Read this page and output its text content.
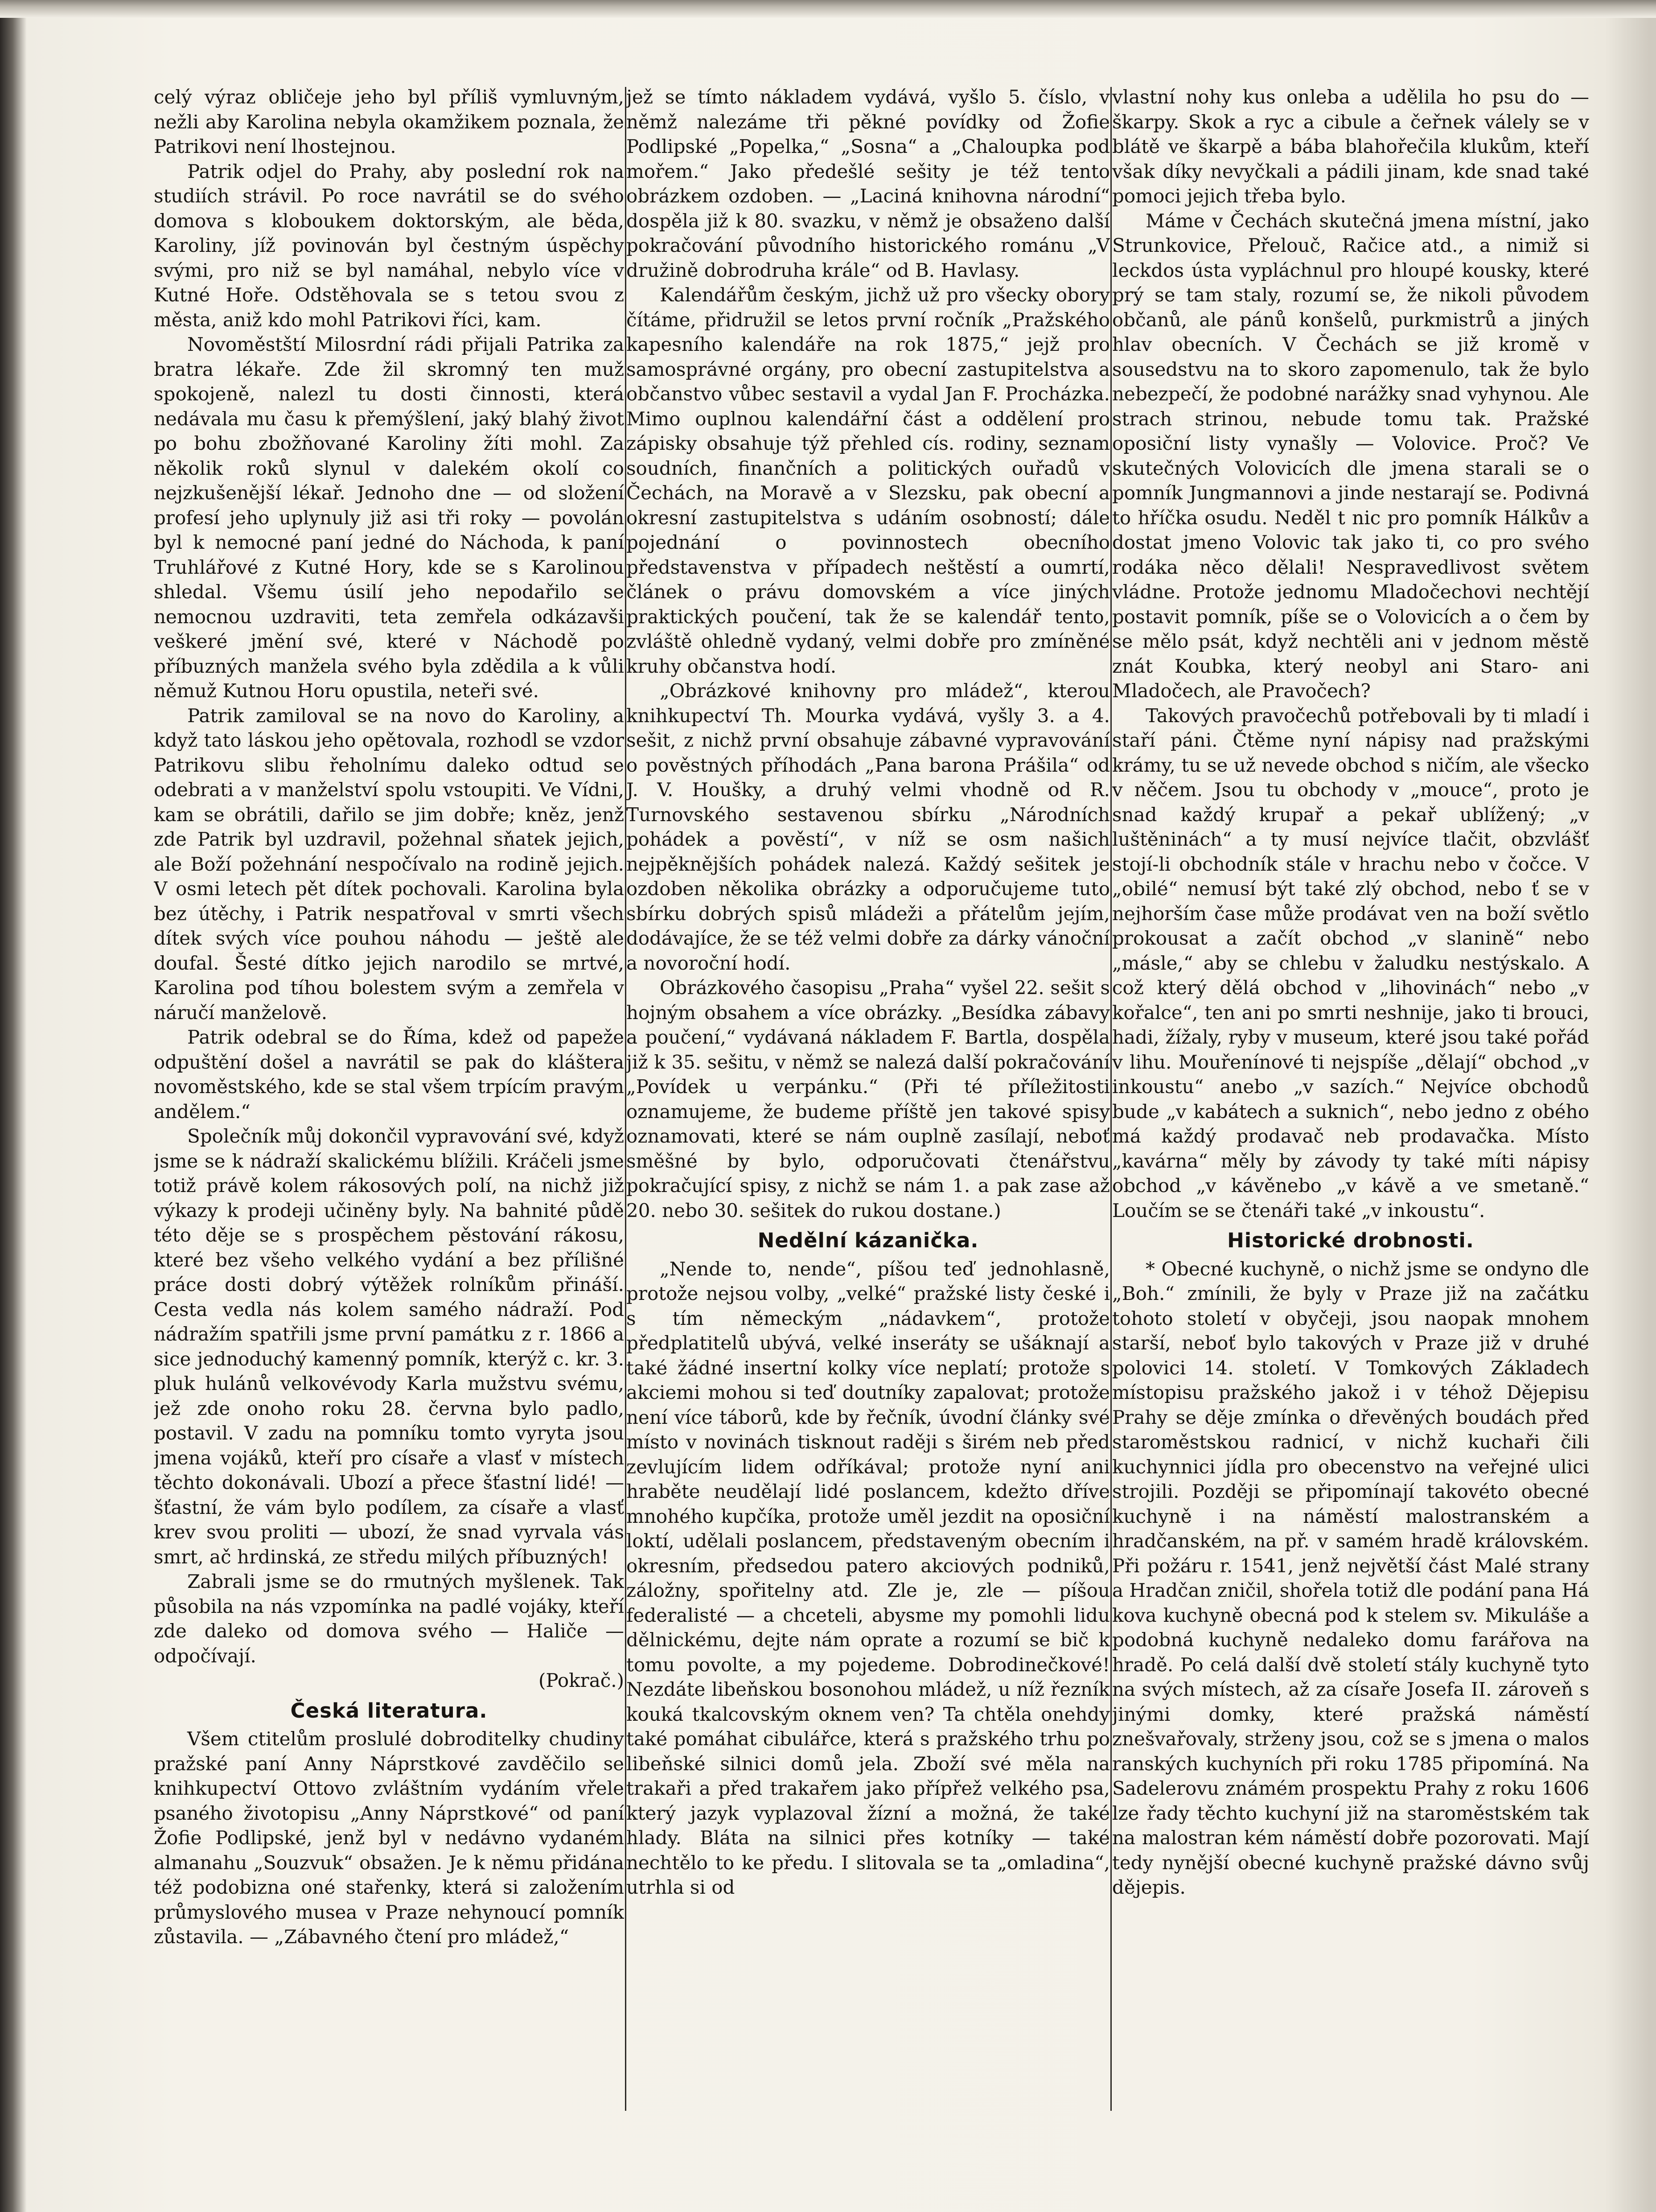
celý výraz obličeje jeho byl příliš vymluvným, nežli aby Karolina nebyla okamžikem poznala, že Patrikovi není lhostejnou.

Patrik odjel do Prahy, aby poslední rok na studiích strávil. Po roce navrátil se do svého domova s kloboukem doktorským, ale běda, Karoliny, jíž povinován byl čestným úspěchy svými, pro niž se byl namáhal, nebylo více v Kutné Hoře. Odstěhovala se s tetou svou z města, aniž kdo mohl Patrikovi říci, kam.

Novoměstští Milosrdní rádi přijali Patrika za bratra lékaře. Zde žil skromný ten muž spokojeně, nalezl tu dosti činnosti, která nedávala mu času k přemýšlení, jaký blahý život po bohu zbožňované Karoliny žíti mohl. Za několik roků slynul v dalekém okolí co nejzkušenější lékař. Jednoho dne — od složení profesí jeho uplynuly již asi tři roky — povolán byl k nemocné paní jedné do Náchoda, k paní Truhlářové z Kutné Hory, kde se s Karolinou shledal. Všemu úsilí jeho nepodařilo se nemocnou uzdraviti, teta zemřela odkázavši veškeré jmění své, které v Náchodě po příbuzných manžela svého byla zdědila a k vůli němuž Kutnou Horu opustila, neteři své.

Patrik zamiloval se na novo do Karoliny, a když tato láskou jeho opětovala, rozhodl se vzdor Patrikovu slibu řeholnímu daleko odtud se odebrati a v manželství spolu vstoupiti. Ve Vídni, kam se obrátili, dařilo se jim dobře; kněz, jenž zde Patrik byl uzdravil, požehnal sňatek jejich, ale Boží požehnání nespočívalo na rodině jejich. V osmi letech pět dítek pochovali. Karolina byla bez útěchy, i Patrik nespatřoval v smrti všech dítek svých více pouhou náhodu — ještě ale doufal. Šesté dítko jejich narodilo se mrtvé, Karolina pod tíhou bolestem svým a zemřela v náručí manželově.

Patrik odebral se do Říma, kdež od papeže odpuštění došel a navrátil se pak do kláštera novoměstského, kde se stal všem trpícím pravým andělem.“

Společník můj dokončil vypravování své, když jsme se k nádraží skalickému blížili. Kráčeli jsme totiž právě kolem rákosových polí, na nichž již výkazy k prodeji učiněny byly. Na bahnité půdě této děje se s prospěchem pěstování rákosu, které bez všeho velkého vydání a bez přílišné práce dosti dobrý výtěžek rolníkům přináší. Cesta vedla nás kolem samého nádraží. Pod nádražím spatřili jsme první památku z r. 1866 a sice jednoduchý kamenný pomník, kterýž c. kr. 3. pluk hulánů velkovévody Karla mužstvu svému, jež zde onoho roku 28. června bylo padlo, postavil. V zadu na pomníku tomto vyryta jsou jmena vojáků, kteří pro císaře a vlasť v místech těchto dokonávali. Ubozí a přece šťastní lidé! — šťastní, že vám bylo podílem, za císaře a vlasť krev svou proliti — ubozí, že snad vyrvala vás smrt, ač hrdinská, ze středu milých příbuzných!

Zabrali jsme se do rmutných myšlenek. Tak působila na nás vzpomínka na padlé vojáky, kteří zde daleko od domova svého — Haliče — odpočívají.

(Pokrač.)
Česká literatura.

Všem ctitelům proslulé dobroditelky chudiny pražské paní Anny Náprstkové zavděčilo se knihkupectví Ottovo zvláštním vydáním vřele psaného životopisu „Anny Náprstkové“ od paní Žofie Podlipské, jenž byl v nedávno vydaném almanahu „Souzvuk“ obsažen. Je k němu přidána též podobizna oné stařenky, která si založením průmyslového musea v Praze nehynoucí pomník zůstavila. — „Zábavného čtení pro mládež,“

jež se tímto nákladem vydává, vyšlo 5. číslo, v němž nalezáme tři pěkné povídky od Žofie Podlipské „Popelka,“ „Sosna“ a „Chaloupka pod mořem.“ Jako předešlé sešity je též tento obrázkem ozdoben. — „Laciná knihovna národní“ dospěla již k 80. svazku, v němž je obsaženo další pokračování původního historického románu „V družině dobrodruha krále“ od B. Havlasy.

Kalendářům českým, jichž už pro všecky obory čítáme, přidružil se letos první ročník „Pražského kapesního kalendáře na rok 1875,“ jejž pro samosprávné orgány, pro obecní zastupitelstva a občanstvo vůbec sestavil a vydal Jan F. Procházka. Mimo ouplnou kalendářní část a oddělení pro zápisky obsahuje týž přehled cís. rodiny, seznam soudních, finančních a politických ouřadů v Čechách, na Moravě a v Slezsku, pak obecní a okresní zastupitelstva s udáním osobností; dále pojednání o povinnostech obecního představenstva v případech neštěstí a oumrtí, článek o právu domovském a více jiných praktických poučení, tak že se kalendář tento, zvláště ohledně vydaný, velmi dobře pro zmíněné kruhy občanstva hodí.

„Obrázkové knihovny pro mládež“, kterou knihkupectví Th. Mourka vydává, vyšly 3. a 4. sešit, z nichž první obsahuje zábavné vypravování o pověstných příhodách „Pana barona Prášila“ od J. V. Houšky, a druhý velmi vhodně od R. Turnovského sestavenou sbírku „Národních pohádek a pověstí“, v níž se osm našich nejpěknějších pohádek nalezá. Každý sešitek je ozdoben několika obrázky a odporučujeme tuto sbírku dobrých spisů mládeži a přátelům jejím, dodávajíce, že se též velmi dobře za dárky vánoční a novoroční hodí.

Obrázkového časopisu „Praha“ vyšel 22. sešit s hojným obsahem a více obrázky. „Besídka zábavy a poučení,“ vydávaná nákladem F. Bartla, dospěla již k 35. sešitu, v němž se nalezá další pokračování „Povídek u verpánku.“ (Při té příležitosti oznamujeme, že budeme příště jen takové spisy oznamovati, které se nám ouplně zasílají, neboť směšné by bylo, odporučovati čtenářstvu pokračující spisy, z nichž se nám 1. a pak zase až 20. nebo 30. sešitek do rukou dostane.)

Nedělní kázanička.

„Nende to, nende“, píšou teď jednohlasně, protože nejsou volby, „velké“ pražské listy české i s tím německým „nádavkem“, protože předplatitelů ubývá, velké inseráty se ušáknají a také žádné insertní kolky více neplatí; protože s akciemi mohou si teď doutníky zapalovat; protože není více táborů, kde by řečník, úvodní články své místo v novinách tisknout raději s širém neb před zevlujícím lidem odříkával; protože nyní ani hraběte neudělají lidé poslancem, kdežto dříve mnohého kupčíka, protože uměl jezdit na oposiční loktí, udělali poslancem, představeným obecním i okresním, předsedou patero akciových podniků, záložny, spořitelny atd. Zle je, zle — píšou federalisté — a chceteli, abysme my pomohli lidu dělnickému, dejte nám oprate a rozumí se bič k tomu povolte, a my pojedeme. Dobrodinečkové! Nezdáte libeňskou bosonohou mládež, u níž řezník kouká tkalcovským oknem ven? Ta chtěla onehdy také pomáhat cibulářce, která s pražského trhu po libeňské silnici domů jela. Zboží své měla na trakaři a před trakařem jako přípřež velkého psa, který jazyk vyplazoval žízní a možná, že také hlady. Bláta na silnici přes kotníky — také nechtělo to ke předu. I slitovala se ta „omladina“, utrhla si od

vlastní nohy kus onleba a udělila ho psu do — škarpy. Skok a ryc a cibule a čeřnek válely se v blátě ve škarpě a bába blahořečila klukům, kteří však díky nevyčkali a pádili jinam, kde snad také pomoci jejich třeba bylo.

Máme v Čechách skutečná jmena místní, jako Strunkovice, Přelouč, Račice atd., a nimiž si leckdos ústa vypláchnul pro hloupé kousky, které prý se tam staly, rozumí se, že nikoli původem občanů, ale pánů konšelů, purkmistrů a jiných hlav obecních. V Čechách se již kromě v sousedstvu na to skoro zapomenulo, tak že bylo nebezpečí, že podobné narážky snad vyhynou. Ale strach strinou, nebude tomu tak. Pražské oposiční listy vynašly — Volovice. Proč? Ve skutečných Volovicích dle jmena starali se o pomník Jungmannovi a jinde nestarají se. Podivná to hříčka osudu. Neděl t nic pro pomník Hálkův a dostat jmeno Volovic tak jako ti, co pro svého rodáka něco dělali! Nespravedlivost světem vládne. Protože jednomu Mladočechovi nechtějí postavit pomník, píše se o Volovicích a o čem by se mělo psát, když nechtěli ani v jednom městě znát Koubka, který neobyl ani Staro- ani Mladočech, ale Pravočech?

Takových pravočechů potřebovali by ti mladí i staří páni. Čtěme nyní nápisy nad pražskými krámy, tu se už nevede obchod s ničím, ale všecko v něčem. Jsou tu obchody v „mouce“, proto je snad každý krupař a pekař ublížený; „v luštěninách“ a ty musí nejvíce tlačit, obzvlášť stojí-li obchodník stále v hrachu nebo v čočce. V „obilé“ nemusí být také zlý obchod, nebo ť se v nejhorším čase může prodávat ven na boží světlo prokousat a začít obchod „v slanině“ nebo „másle,“ aby se chlebu v žaludku nestýskalo. A což který dělá obchod v „lihovinách“ nebo „v kořalce“, ten ani po smrti neshnije, jako ti brouci, hadi, žížaly, ryby v museum, které jsou také pořád v lihu. Mouřenínové ti nejspíše „dělají“ obchod „v inkoustu“ anebo „v sazích.“ Nejvíce obchodů bude „v kabátech a suknich“, nebo jedno z obého má každý prodavač neb prodavačka. Místo „kavárna“ měly by závody ty také míti nápisy obchod „v kávěnebo „v kávě a ve smetaně.“ Loučím se se čtenáři také „v inkoustu“.

Historické drobnosti.

* Obecné kuchyně, o nichž jsme se ondyno dle „Boh.“ zmínili, že byly v Praze již na začátku tohoto století v obyčeji, jsou naopak mnohem starší, neboť bylo takových v Praze již v druhé polovici 14. století. V Tomkových Základech místopisu pražského jakož i v téhož Dějepisu Prahy se děje zmínka o dřevěných boudách před staroměstskou radnicí, v nichž kuchaři čili kuchynnici jídla pro obecenstvo na veřejné ulici strojili. Později se připomínají takovéto obecné kuchyně i na náměstí malostranském a hradčanském, na př. v samém hradě královském. Při požáru r. 1541, jenž největší část Malé strany a Hradčan zničil, shořela totiž dle podání pana Há kova kuchyně obecná pod k stelem sv. Mikuláše a podobná kuchyně nedaleko domu farářova na hradě. Po celá další dvě století stály kuchyně tyto na svých místech, až za císaře Josefa II. zároveň s jinými domky, které pražská náměstí znešvařovaly, strženy jsou, což se s jmena o malos ranských kuchyních při roku 1785 připomíná. Na Sadelerovu známém prospektu Prahy z roku 1606 lze řady těchto kuchyní již na staroměstském tak na malostran kém náměstí dobře pozorovati. Mají tedy nynější obecné kuchyně pražské dávno svůj dějepis.
